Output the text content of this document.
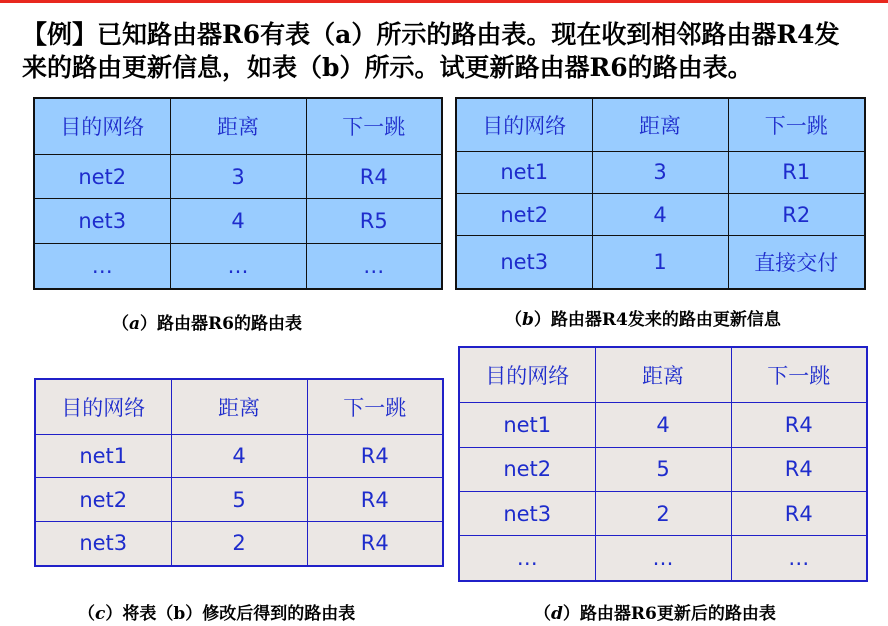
【例】已知路由器R6有表（a）所示的路由表。现在收到相邻路由器R4发

来的路由更新信息，如表（b）所示。试更新路由器R6的路由表。

目的网络	距离	下一跳
net2	3	R4
net3	4	R5
…	…	…
目的网络	距离	下一跳
net1	3	R1
net2	4	R2
net3	1	直接交付
（a）路由器R6的路由表	（b）路由器R4发来的路由更新信息
目的网络	距离	下一跳
net1	4	R4
net2	5	R4
net3	2	R4
目的网络	距离	下一跳
net1	4	R4
net2	5	R4
net3	2	R4
…	…	…
（c）将表（b）修改后得到的路由表	（d）路由器R6更新后的路由表
